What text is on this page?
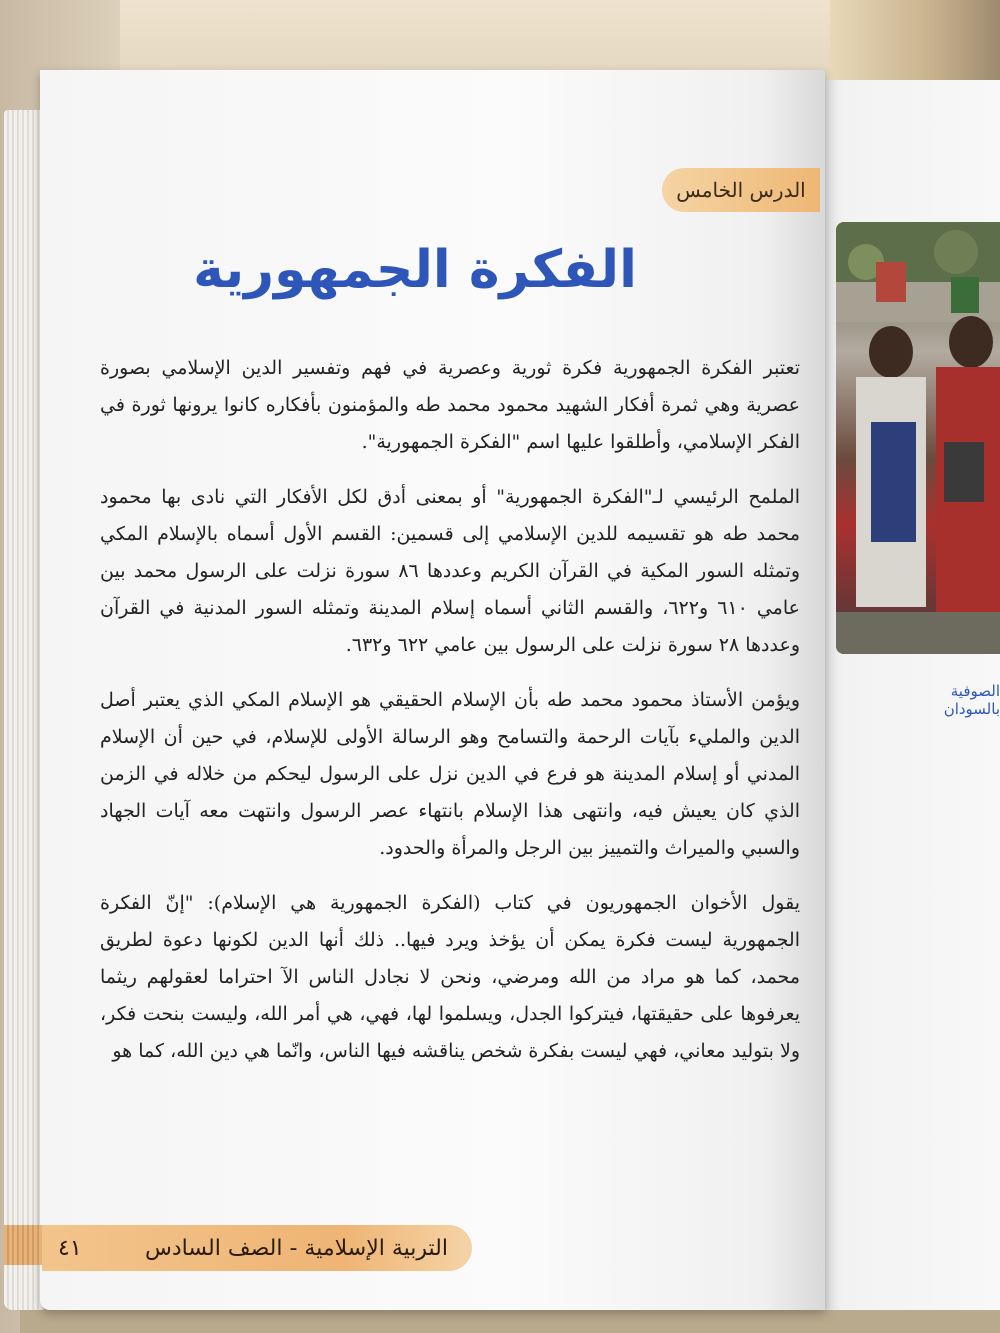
الصوفية بالسودان
الدرس الخامس
الفكرة الجمهورية

تعتبر الفكرة الجمهورية فكرة ثورية وعصرية في فهم وتفسير الدين الإسلامي بصورة عصرية وهي ثمرة أفكار الشهيد محمود محمد طه والمؤمنون بأفكاره كانوا يرونها ثورة في الفكر الإسلامي، وأطلقوا عليها اسم "الفكرة الجمهورية".

الملمح الرئيسي لـ"الفكرة الجمهورية" أو بمعنى أدق لكل الأفكار التي نادى بها محمود محمد طه هو تقسيمه للدين الإسلامي إلى قسمين: القسم الأول أسماه بالإسلام المكي وتمثله السور المكية في القرآن الكريم وعددها ٨٦ سورة نزلت على الرسول محمد بين عامي ٦١٠ و٦٢٢، والقسم الثاني أسماه إسلام المدينة وتمثله السور المدنية في القرآن وعددها ٢٨ سورة نزلت على الرسول بين عامي ٦٢٢ و٦٣٢.

ويؤمن الأستاذ محمود محمد طه بأن الإسلام الحقيقي هو الإسلام المكي الذي يعتبر أصل الدين والمليء بآيات الرحمة والتسامح وهو الرسالة الأولى للإسلام، في حين أن الإسلام المدني أو إسلام المدينة هو فرع في الدين نزل على الرسول ليحكم من خلاله في الزمن الذي كان يعيش فيه، وانتهى هذا الإسلام بانتهاء عصر الرسول وانتهت معه آيات الجهاد والسبي والميراث والتمييز بين الرجل والمرأة والحدود.

يقول الأخوان الجمهوريون في كتاب (الفكرة الجمهورية هي الإسلام): "إنّ الفكرة الجمهورية ليست فكرة يمكن أن يؤخذ ويرد فيها.. ذلك أنها الدين لكونها دعوة لطريق محمد، كما هو مراد من الله ومرضي، ونحن لا نجادل الناس الآ احتراما لعقولهم ريثما يعرفوها على حقيقتها، فيتركوا الجدل، ويسلموا لها، فهي، هي أمر الله، وليست بنحت فكر، ولا بتوليد معاني، فهي ليست بفكرة شخص يناقشه فيها الناس، وانّما هي دين الله، كما هو

٤١	التربية الإسلامية - الصف السادس
